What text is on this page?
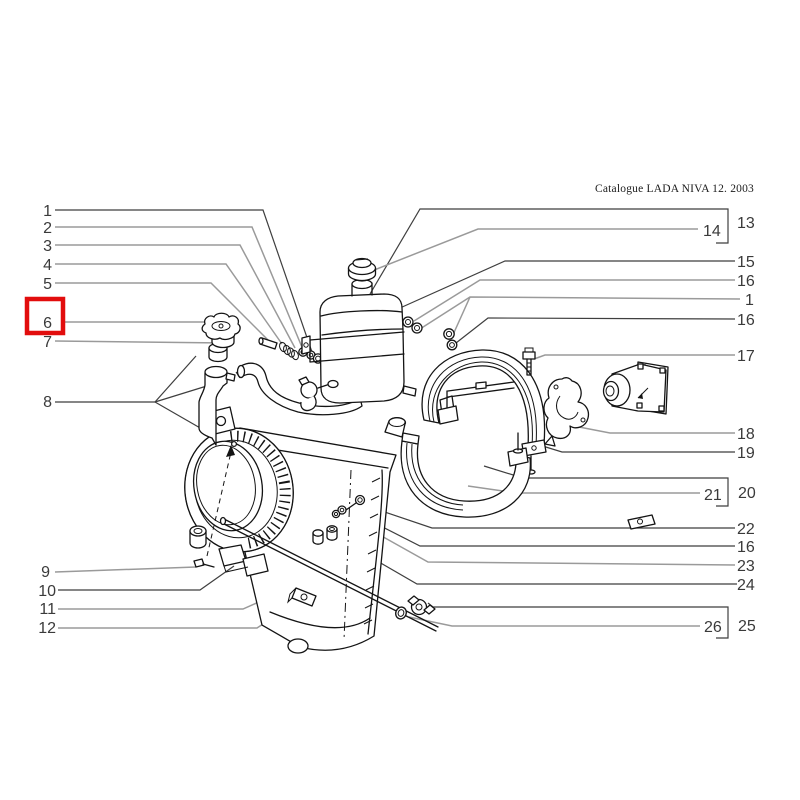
Catalogue LADA NIVA 12. 2003
1
2
3
4
5
6
7
8
9
10
11
12
13
15
16
1
16
17
18
19
20
22
16
23
24
25
14
21
26
